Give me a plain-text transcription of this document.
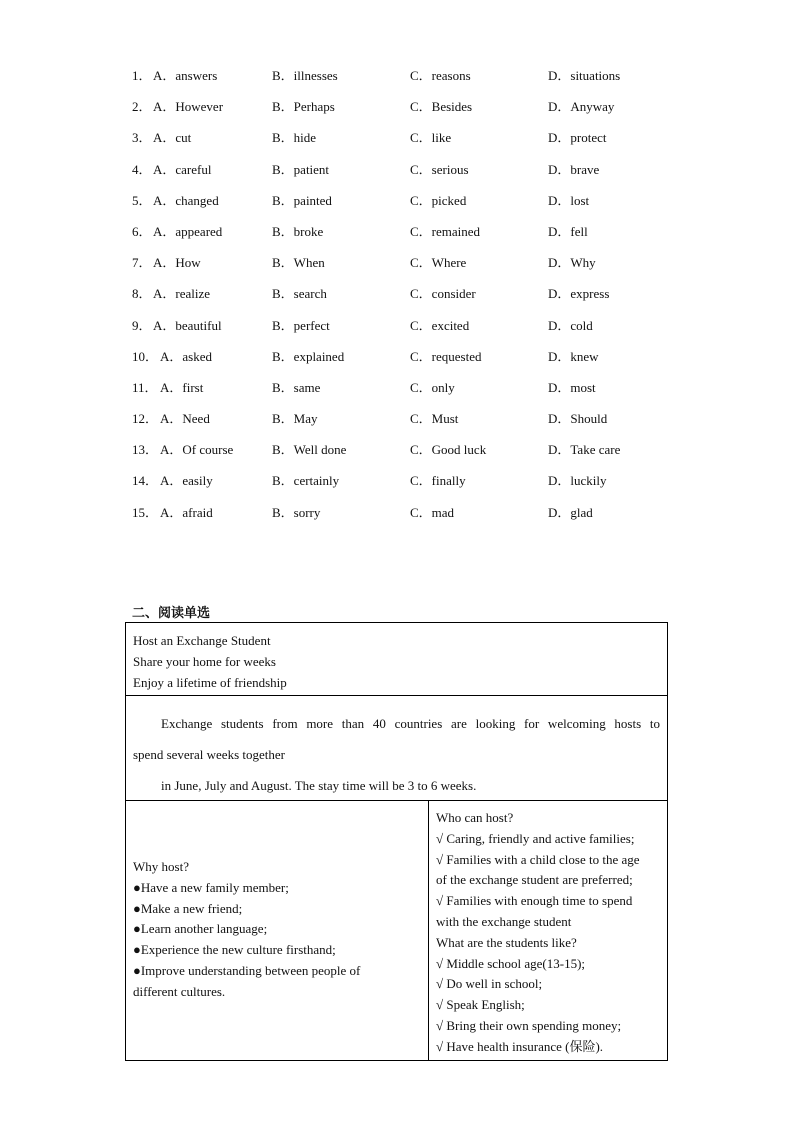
1． A．answers	B．illnesses	C．reasons	D．situations
2． A．However	B．Perhaps	C．Besides	D．Anyway
3． A．cut	B．hide	C．like	D．protect
4． A．careful	B．patient	C．serious	D．brave
5． A．changed	B．painted	C．picked	D．lost
6． A．appeared	B．broke	C．remained	D．fell
7． A．How	B．When	C．Where	D．Why
8． A．realize	B．search	C．consider	D．express
9． A．beautiful	B．perfect	C．excited	D．cold
10． A．asked	B．explained	C．requested	D．knew
11． A．first	B．same	C．only	D．most
12． A．Need	B．May	C．Must	D．Should
13． A．Of course	B．Well done	C．Good luck	D．Take care
14． A．easily	B．certainly	C．finally	D．luckily
15． A．afraid	B．sorry	C．mad	D．glad
二、阅读单选
Host an Exchange Student
Share your home for weeks
Enjoy a lifetime of friendship
Exchange students from more than 40 countries are looking for welcoming hosts to
spend several weeks together
in June, July and August. The stay time will be 3 to 6 weeks.
Why host?
●Have a new family member;
●Make a new friend;
●Learn another language;
●Experience the new culture firsthand;
●Improve understanding between people of
different cultures.
Who can host?
√ Caring, friendly and active families;
√ Families with a child close to the age
of the exchange student are preferred;
√ Families with enough time to spend
with the exchange student
What are the students like?
√ Middle school age(13-15);
√ Do well in school;
√ Speak English;
√ Bring their own spending money;
√ Have health insurance (保险).
